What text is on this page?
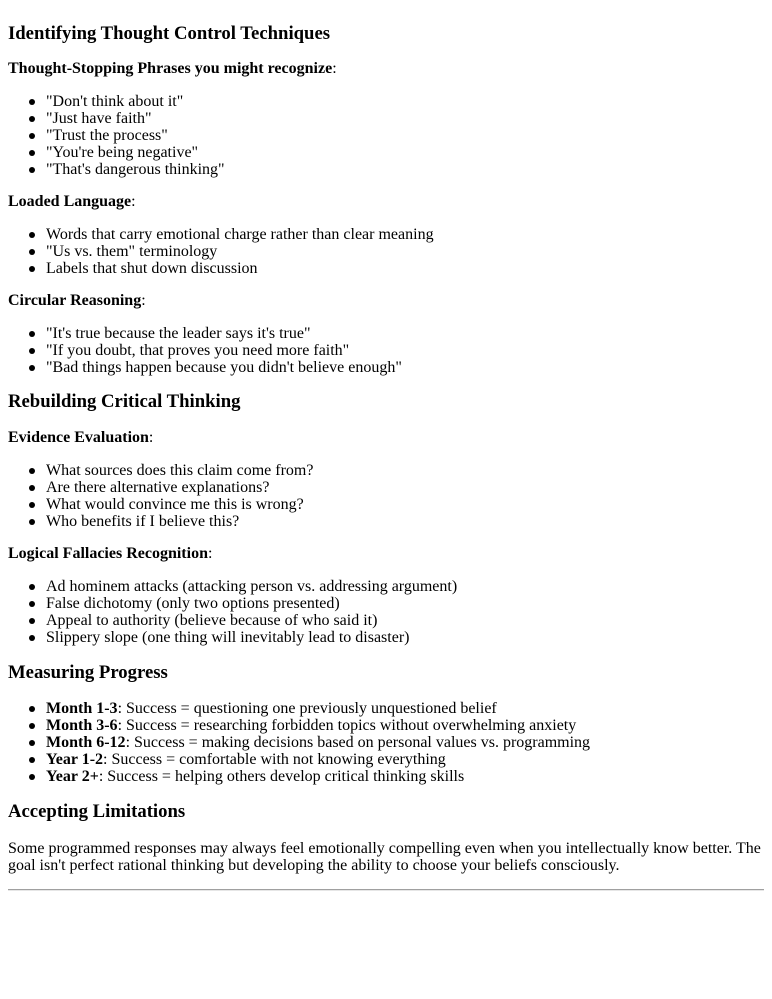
Identifying Thought Control Techniques

Thought-Stopping Phrases you might recognize:

"Don't think about it"
"Just have faith"
"Trust the process"
"You're being negative"
"That's dangerous thinking"

Loaded Language:

Words that carry emotional charge rather than clear meaning
"Us vs. them" terminology
Labels that shut down discussion

Circular Reasoning:

"It's true because the leader says it's true"
"If you doubt, that proves you need more faith"
"Bad things happen because you didn't believe enough"
Rebuilding Critical Thinking

Evidence Evaluation:

What sources does this claim come from?
Are there alternative explanations?
What would convince me this is wrong?
Who benefits if I believe this?

Logical Fallacies Recognition:

Ad hominem attacks (attacking person vs. addressing argument)
False dichotomy (only two options presented)
Appeal to authority (believe because of who said it)
Slippery slope (one thing will inevitably lead to disaster)
Measuring Progress
Month 1-3: Success = questioning one previously unquestioned belief
Month 3-6: Success = researching forbidden topics without overwhelming anxiety
Month 6-12: Success = making decisions based on personal values vs. programming
Year 1-2: Success = comfortable with not knowing everything
Year 2+: Success = helping others develop critical thinking skills
Accepting Limitations

Some programmed responses may always feel emotionally compelling even when you intellectually know better. The goal isn't perfect rational thinking but developing the ability to choose your beliefs consciously.
